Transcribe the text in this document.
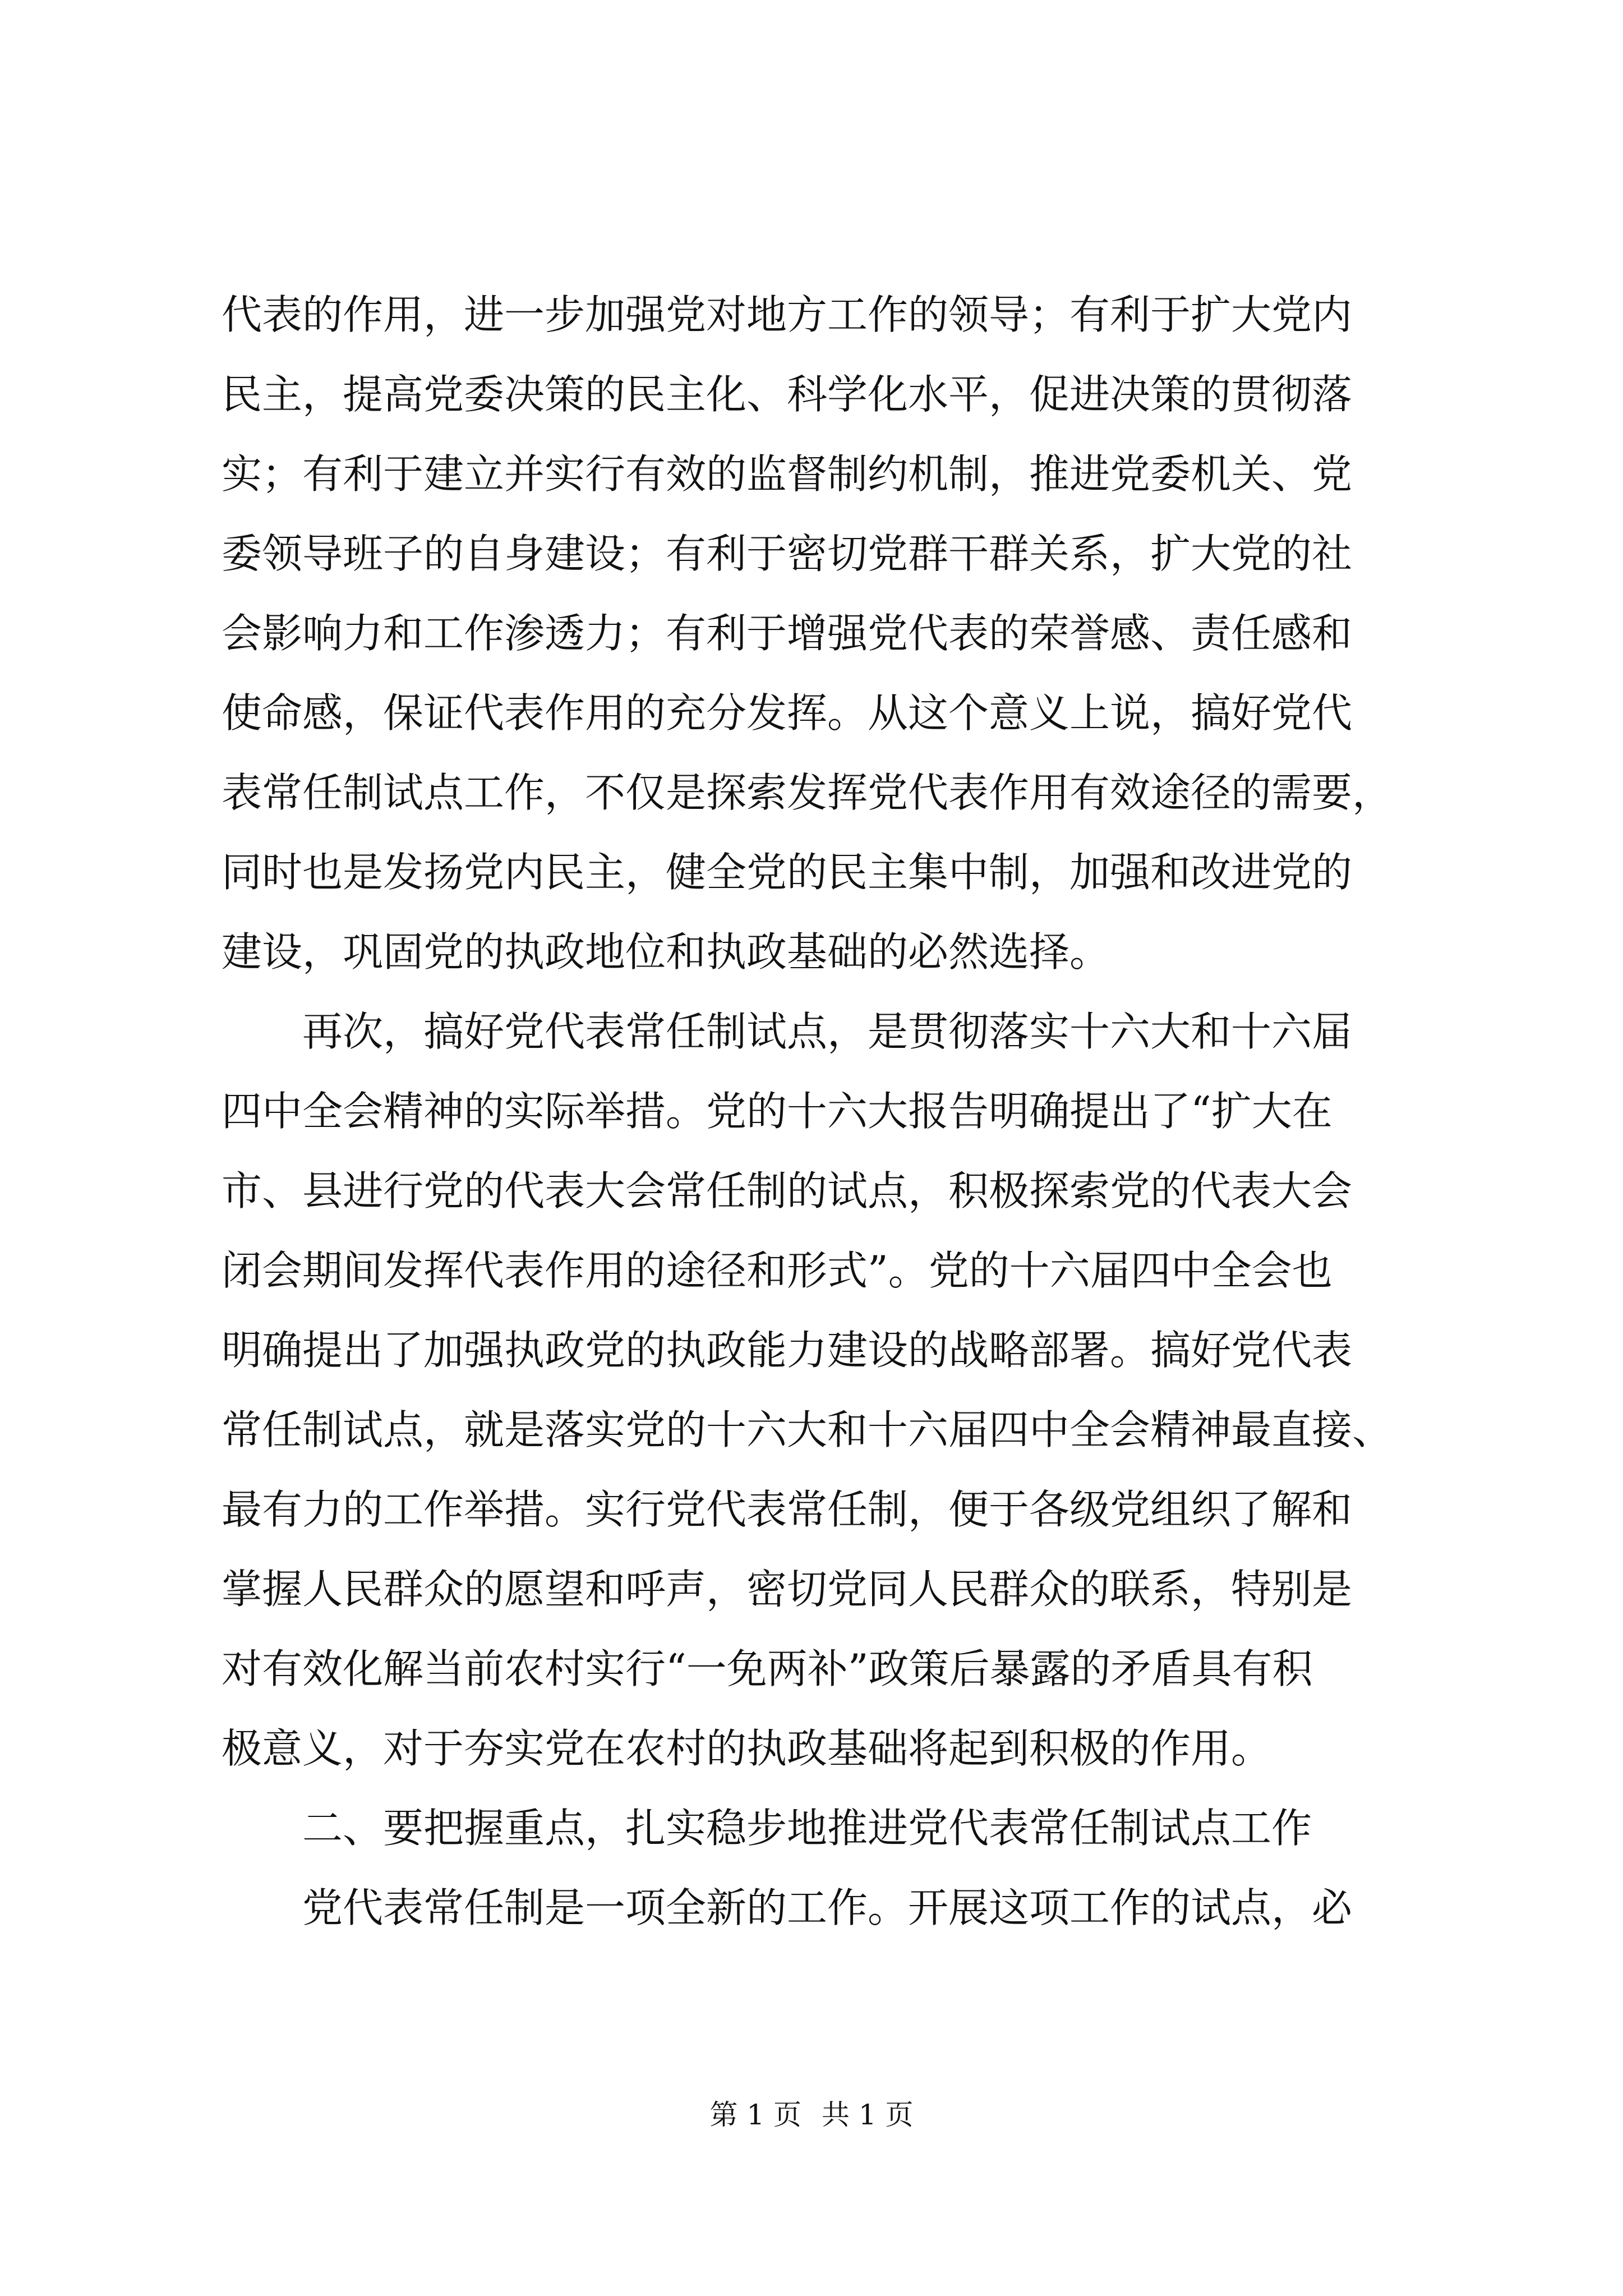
代表的作用，进一步加强党对地方工作的领导；有利于扩大党内
民主，提高党委决策的民主化、科学化水平，促进决策的贯彻落
实；有利于建立并实行有效的监督制约机制，推进党委机关、党
委领导班子的自身建设；有利于密切党群干群关系，扩大党的社
会影响力和工作渗透力；有利于增强党代表的荣誉感、责任感和
使命感，保证代表作用的充分发挥。从这个意义上说，搞好党代
表常任制试点工作，不仅是探索发挥党代表作用有效途径的需要，
同时也是发扬党内民主，健全党的民主集中制，加强和改进党的
建设，巩固党的执政地位和执政基础的必然选择。
再次，搞好党代表常任制试点，是贯彻落实十六大和十六届
四中全会精神的实际举措。党的十六大报告明确提出了“扩大在
市、县进行党的代表大会常任制的试点，积极探索党的代表大会
闭会期间发挥代表作用的途径和形式”。党的十六届四中全会也
明确提出了加强执政党的执政能力建设的战略部署。搞好党代表
常任制试点，就是落实党的十六大和十六届四中全会精神最直接、
最有力的工作举措。实行党代表常任制，便于各级党组织了解和
掌握人民群众的愿望和呼声，密切党同人民群众的联系，特别是
对有效化解当前农村实行“一免两补”政策后暴露的矛盾具有积
极意义，对于夯实党在农村的执政基础将起到积极的作用。
二、要把握重点，扎实稳步地推进党代表常任制试点工作
党代表常任制是一项全新的工作。开展这项工作的试点，必
第 1 页 共 1 页
